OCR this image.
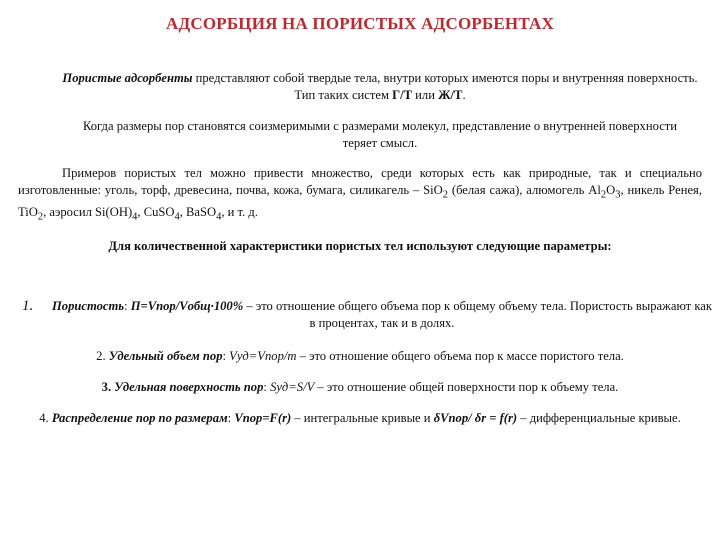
АДСОРБЦИЯ НА ПОРИСТЫХ АДСОРБЕНТАХ
Пористые адсорбенты представляют собой твердые тела, внутри которых имеются поры и внутренняя поверхность. Тип таких систем Г/Т или Ж/Т.
Когда размеры пор становятся соизмеримыми с размерами молекул, представление о внутренней поверхности теряет смысл.
Примеров пористых тел можно привести множество, среди которых есть как природные, так и специально изготовленные: уголь, торф, древесина, почва, кожа, бумага, силикагель – SiO$_2$ (белая сажа), алюмогель $Al_2O_3$, никель Ренея, TiO$_2$, аэросил $Si(OH)_4$, CuSO$_4$, BaSO$_4$, и т. д.
Для количественной характеристики пористых тел используют следующие параметры:
1. Пористость: П=Vпор/Vобщ·100% – это отношение общего объема пор к общему объему тела. Пористость выражают как в процентах, так и в долях.
2. Удельный объем пор: Vуд=Vпор/m – это отношение общего объема пор к массе пористого тела.
3. Удельная поверхность пор: Sуд=S/V – это отношение общей поверхности пор к объему тела.
4. Распределение пор по размерам: Vпор=F(r) – интегральные кривые и δVпор/ δr = f(r) – дифференциальные кривые.
